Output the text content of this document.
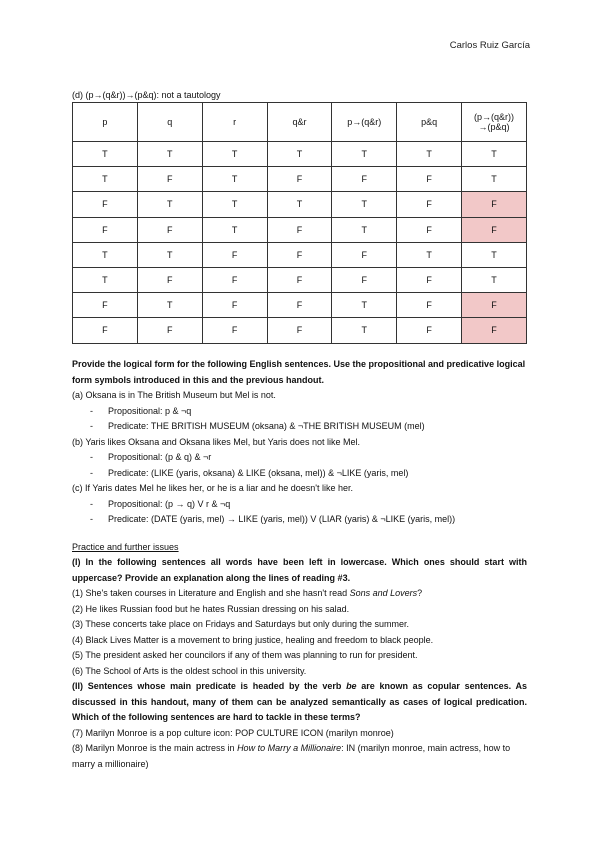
Carlos Ruiz García
(d) (p→(q&r))→(p&q): not a tautology
p	q	r	q&r	p→(q&r)	p&q	(p→(q&r))
→(p&q)
T	T	T	T	T	T	T
T	F	T	F	F	F	T
F	T	T	T	T	F	F
F	F	T	F	T	F	F
T	T	F	F	F	T	T
T	F	F	F	F	F	T
F	T	F	F	T	F	F
F	F	F	F	T	F	F

Provide the logical form for the following English sentences. Use the propositional and predicative logical form symbols introduced in this and the previous handout.

(a) Oksana is in The British Museum but Mel is not.

- Propositional: p & ¬q
- Predicate: THE BRITISH MUSEUM (oksana) & ¬THE BRITISH MUSEUM (mel)

(b) Yaris likes Oksana and Oksana likes Mel, but Yaris does not like Mel.

- Propositional: (p & q) & ¬r
- Predicate: (LIKE (yaris, oksana) & LIKE (oksana, mel)) & ¬LIKE (yaris, mel)

(c) If Yaris dates Mel he likes her, or he is a liar and he doesn't like her.

- Propositional: (p → q) V r & ¬q
- Predicate: (DATE (yaris, mel) → LIKE (yaris, mel)) V (LIAR (yaris) & ¬LIKE (yaris, mel))

Practice and further issues

(I) In the following sentences all words have been left in lowercase. Which ones should start with uppercase? Provide an explanation along the lines of reading #3.

(1) She's taken courses in Literature and English and she hasn't read Sons and Lovers?

(2) He likes Russian food but he hates Russian dressing on his salad.

(3) These concerts take place on Fridays and Saturdays but only during the summer.

(4) Black Lives Matter is a movement to bring justice, healing and freedom to black people.

(5) The president asked her councilors if any of them was planning to run for president.

(6) The School of Arts is the oldest school in this university.

(II) Sentences whose main predicate is headed by the verb be are known as copular sentences. As discussed in this handout, many of them can be analyzed semantically as cases of logical predication. Which of the following sentences are hard to tackle in these terms?

(7) Marilyn Monroe is a pop culture icon: POP CULTURE ICON (marilyn monroe)

(8) Marilyn Monroe is the main actress in How to Marry a Millionaire: IN (marilyn monroe, main actress, how to marry a millionaire)
